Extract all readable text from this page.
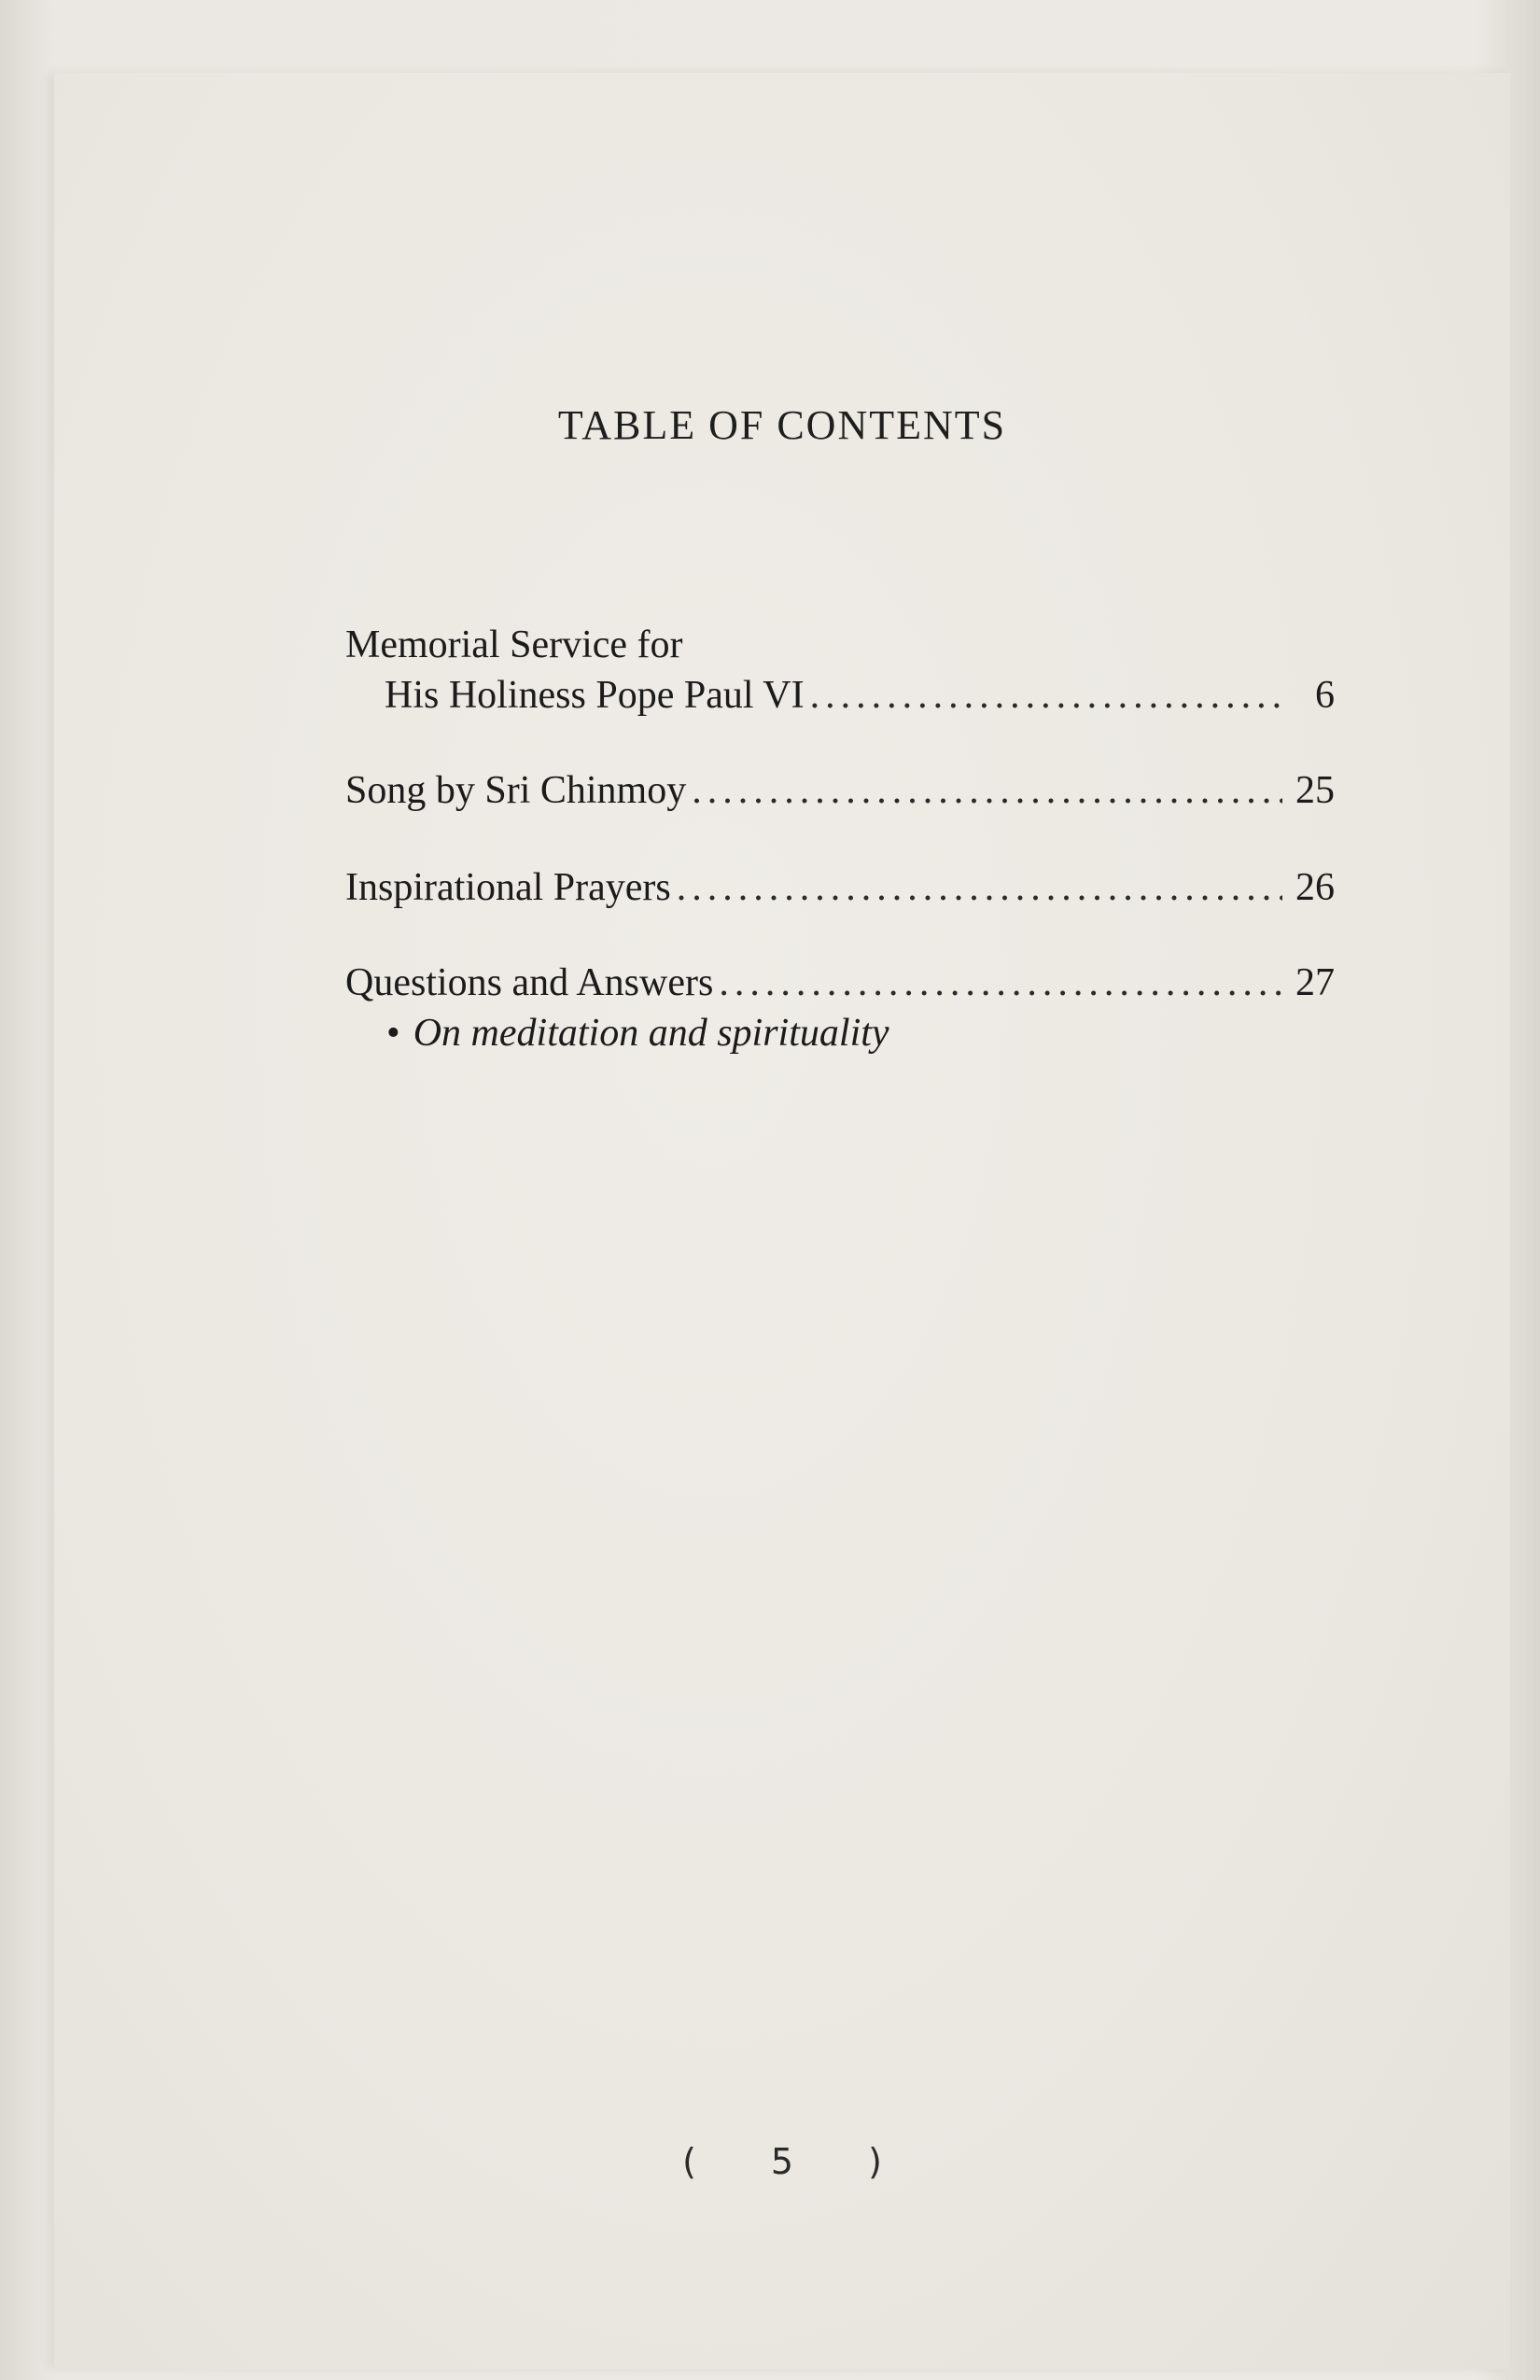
TABLE OF CONTENTS
Memorial Service for
His Holiness Pope Paul VI .....	6
Song by Sri Chinmoy .....	25
Inspirational Prayers .....	26
Questions and Answers .....	27
• On meditation and spirituality
( 5 )
